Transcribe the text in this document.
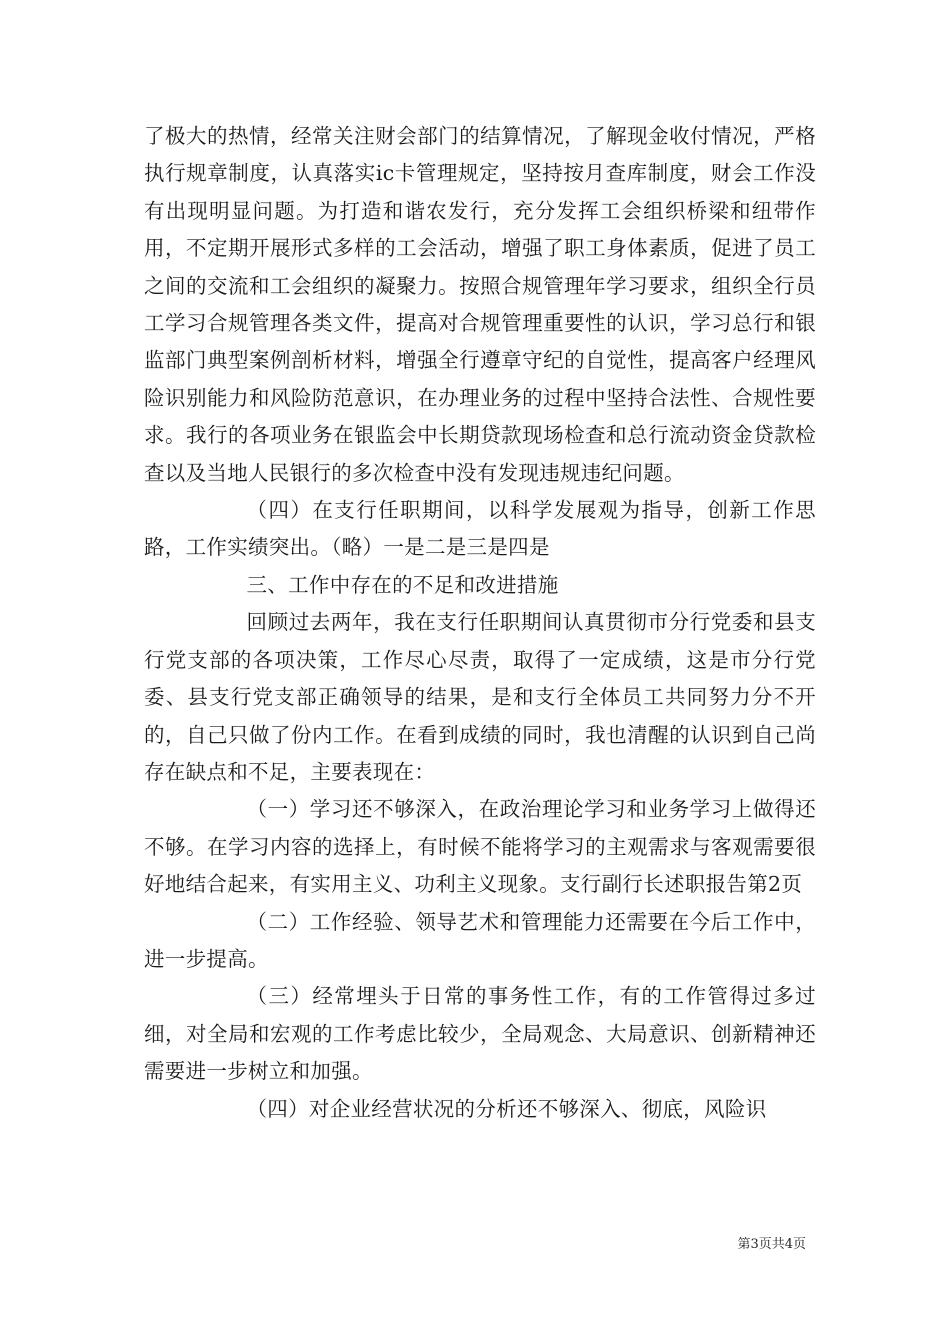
了极大的热情，经常关注财会部门的结算情况，了解现金收付情况，严格执行规章制度，认真落实ic卡管理规定，坚持按月查库制度，财会工作没有出现明显问题。为打造和谐农发行，充分发挥工会组织桥梁和纽带作用，不定期开展形式多样的工会活动，增强了职工身体素质，促进了员工之间的交流和工会组织的凝聚力。按照合规管理年学习要求，组织全行员工学习合规管理各类文件，提高对合规管理重要性的认识，学习总行和银监部门典型案例剖析材料，增强全行遵章守纪的自觉性，提高客户经理风险识别能力和风险防范意识，在办理业务的过程中坚持合法性、合规性要求。我行的各项业务在银监会中长期贷款现场检查和总行流动资金贷款检查以及当地人民银行的多次检查中没有发现违规违纪问题。

（四）在支行任职期间，以科学发展观为指导，创新工作思路，工作实绩突出。（略）一是二是三是四是

三、工作中存在的不足和改进措施

回顾过去两年，我在支行任职期间认真贯彻市分行党委和县支行党支部的各项决策，工作尽心尽责，取得了一定成绩，这是市分行党委、县支行党支部正确领导的结果，是和支行全体员工共同努力分不开的，自己只做了份内工作。在看到成绩的同时，我也清醒的认识到自己尚存在缺点和不足，主要表现在：

（一）学习还不够深入，在政治理论学习和业务学习上做得还不够。在学习内容的选择上，有时候不能将学习的主观需求与客观需要很好地结合起来，有实用主义、功利主义现象。支行副行长述职报告第2页

（二）工作经验、领导艺术和管理能力还需要在今后工作中，进一步提高。

（三）经常埋头于日常的事务性工作，有的工作管得过多过细，对全局和宏观的工作考虑比较少，全局观念、大局意识、创新精神还需要进一步树立和加强。

（四）对企业经营状况的分析还不够深入、彻底，风险识

第3页共4页
